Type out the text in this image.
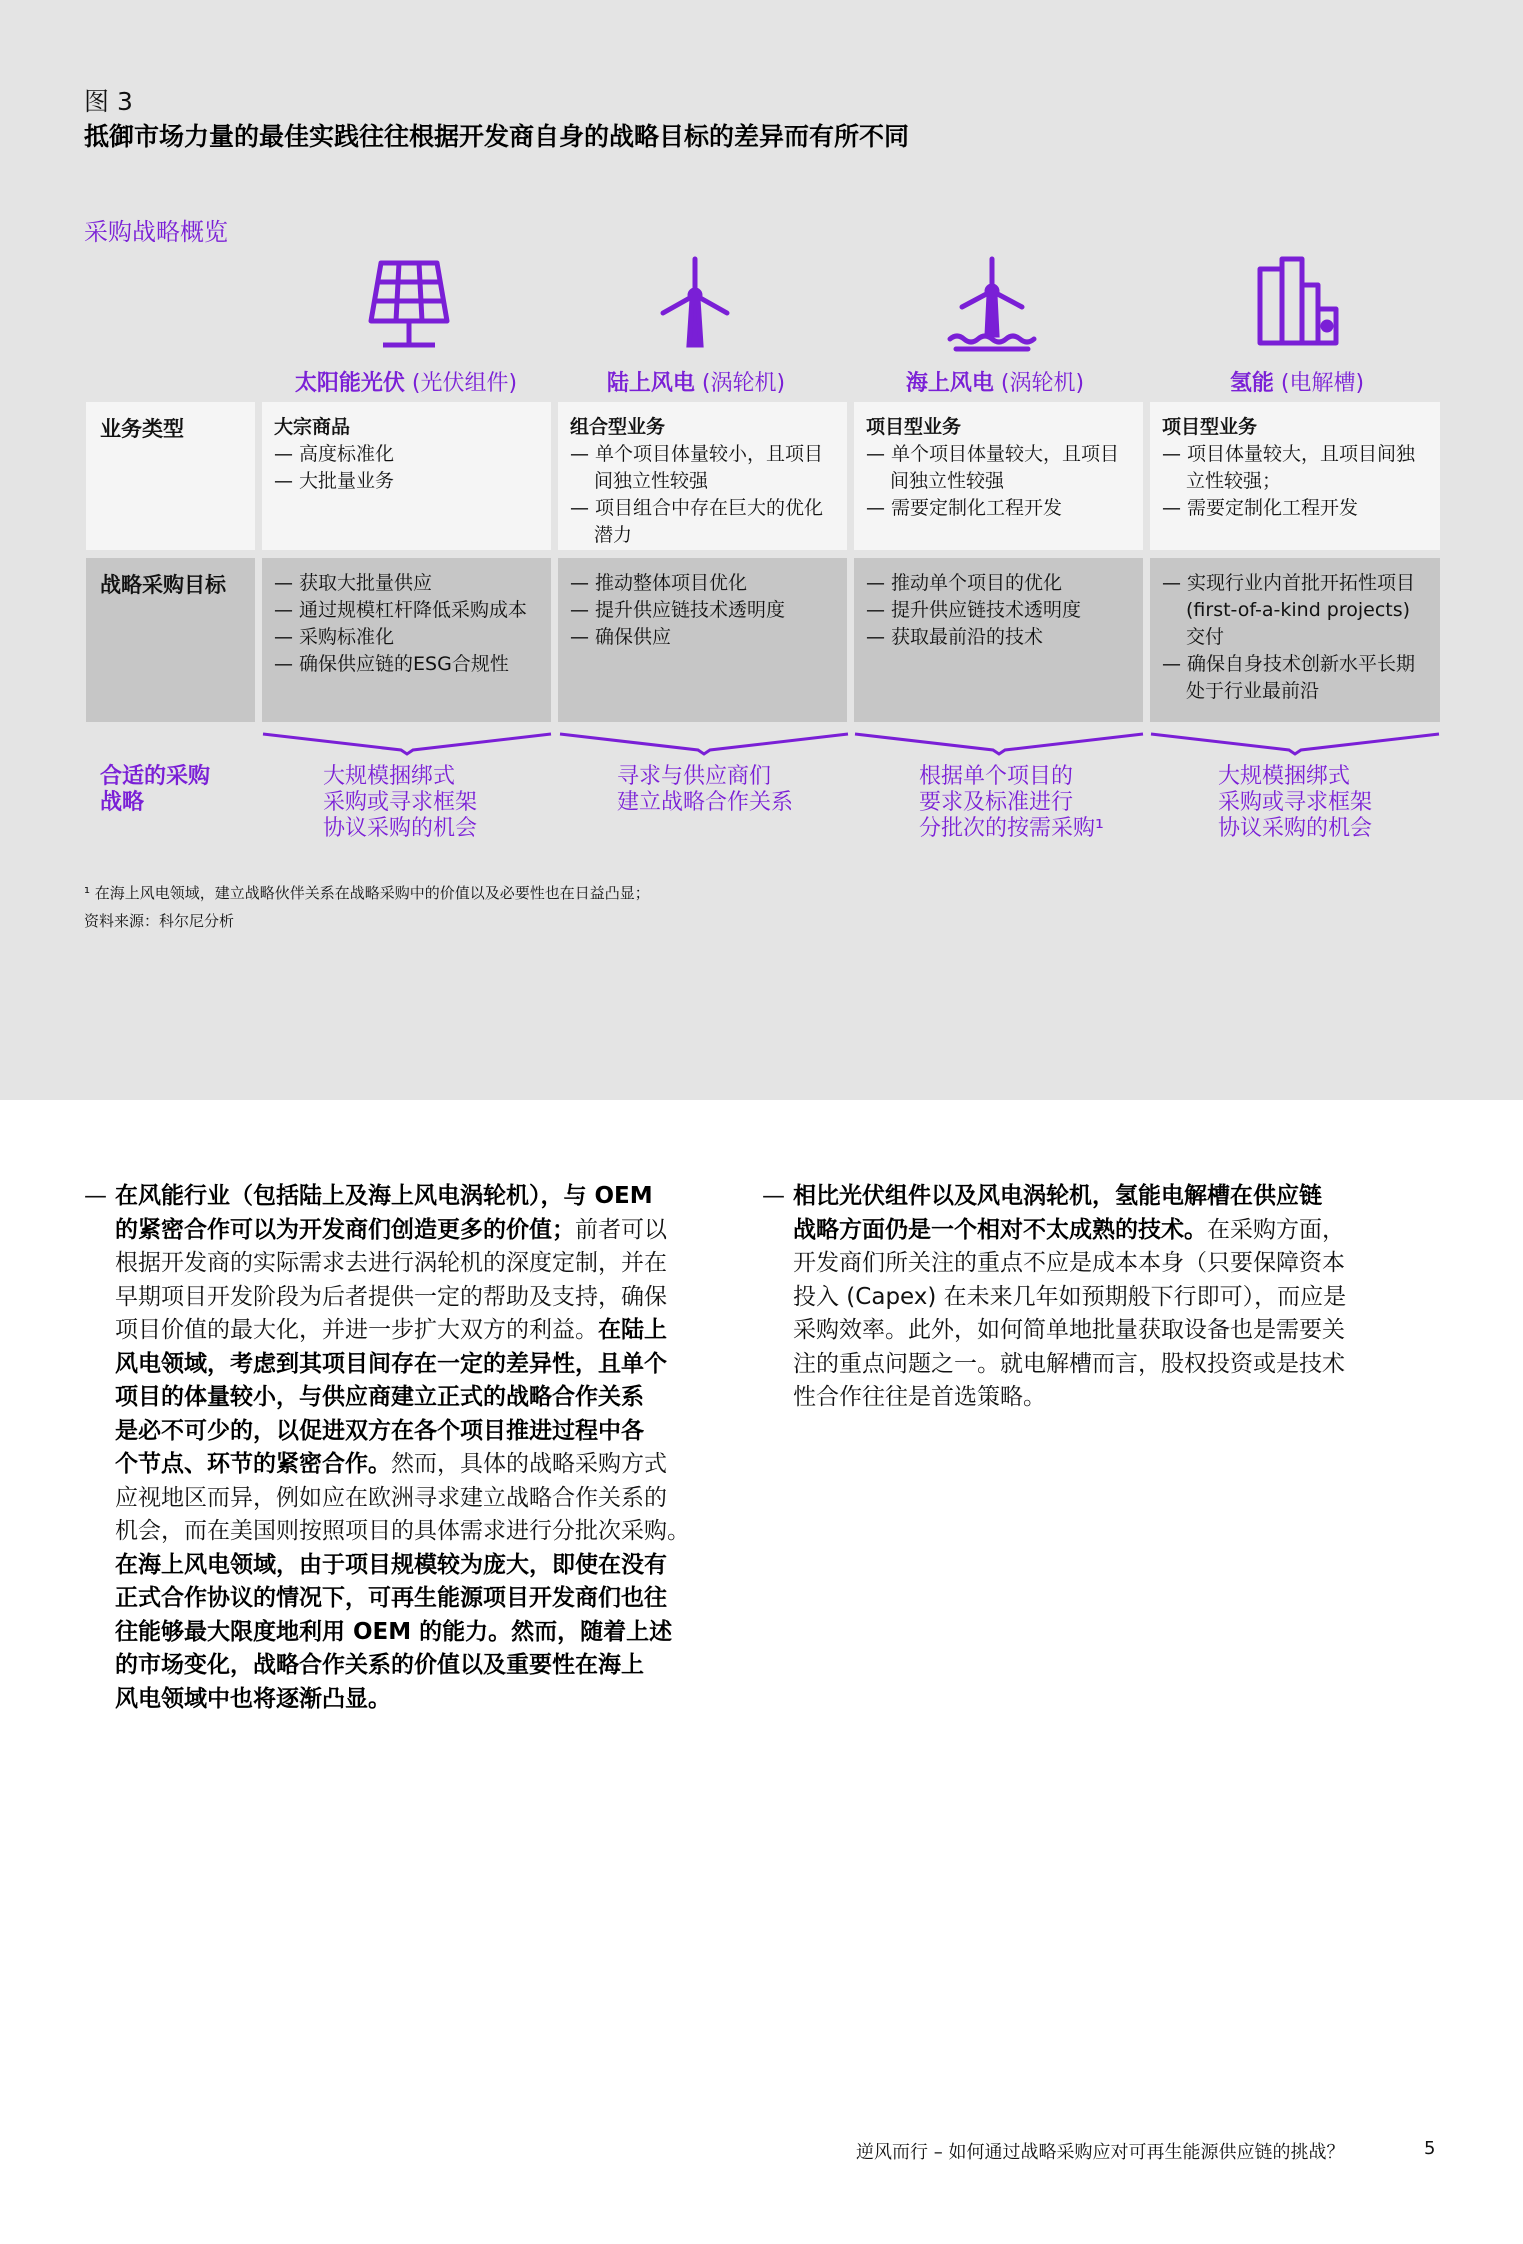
图 3
抵御市场力量的最佳实践往往根据开发商自身的战略目标的差异而有所不同
采购战略概览
太阳能光伏 (光伏组件)	陆上风电 (涡轮机)	海上风电 (涡轮机)	氢能 (电解槽)
业务类型	大宗商品
— 高度标准化
— 大批量业务
组合型业务
— 单个项目体量较小，且项目间独立性较强
— 项目组合中存在巨大的优化潜力
项目型业务
— 单个项目体量较大，且项目间独立性较强
— 需要定制化工程开发
项目型业务
— 项目体量较大，且项目间独立性较强；
— 需要定制化工程开发
战略采购目标
—	获取大批量供应
— 通过规模杠杆降低采购成本
— 采购标准化
— 确保供应链的ESG合规性
— 推动整体项目优化
— 提升供应链技术透明度
— 确保供应
— 推动单个项目的优化
— 提升供应链技术透明度
— 获取最前沿的技术
— 实现行业内首批开拓性项目(first-of-a-kind projects)交付
— 确保自身技术创新水平长期处于行业最前沿
合适的采购
战略
大规模捆绑式
采购或寻求框架
协议采购的机会
寻求与供应商们
建立战略合作关系
根据单个项目的
要求及标准进行
分批次的按需采购¹
大规模捆绑式
采购或寻求框架
协议采购的机会
¹ 在海上风电领域，建立战略伙伴关系在战略采购中的价值以及必要性也在日益凸显；
资料来源：科尔尼分析
— 在风能行业（包括陆上及海上风电涡轮机），与 OEM
的紧密合作可以为开发商们创造更多的价值；前者可以
根据开发商的实际需求去进行涡轮机的深度定制，并在
早期项目开发阶段为后者提供一定的帮助及支持，确保
项目价值的最大化，并进一步扩大双方的利益。在陆上
风电领域，考虑到其项目间存在一定的差异性，且单个
项目的体量较小，与供应商建立正式的战略合作关系
是必不可少的，以促进双方在各个项目推进过程中各
个节点、环节的紧密合作。然而，具体的战略采购方式
应视地区而异，例如应在欧洲寻求建立战略合作关系的
机会，而在美国则按照项目的具体需求进行分批次采购。
在海上风电领域，由于项目规模较为庞大，即使在没有
正式合作协议的情况下，可再生能源项目开发商们也往
往能够最大限度地利用 OEM 的能力。然而，随着上述
的市场变化，战略合作关系的价值以及重要性在海上
风电领域中也将逐渐凸显。
— 相比光伏组件以及风电涡轮机，氢能电解槽在供应链
战略方面仍是一个相对不太成熟的技术。在采购方面，
开发商们所关注的重点不应是成本本身（只要保障资本
投入 (Capex) 在未来几年如预期般下行即可），而应是
采购效率。此外，如何简单地批量获取设备也是需要关
注的重点问题之一。就电解槽而言，股权投资或是技术
性合作往往是首选策略。
逆风而行 – 如何通过战略采购应对可再生能源供应链的挑战？	5
